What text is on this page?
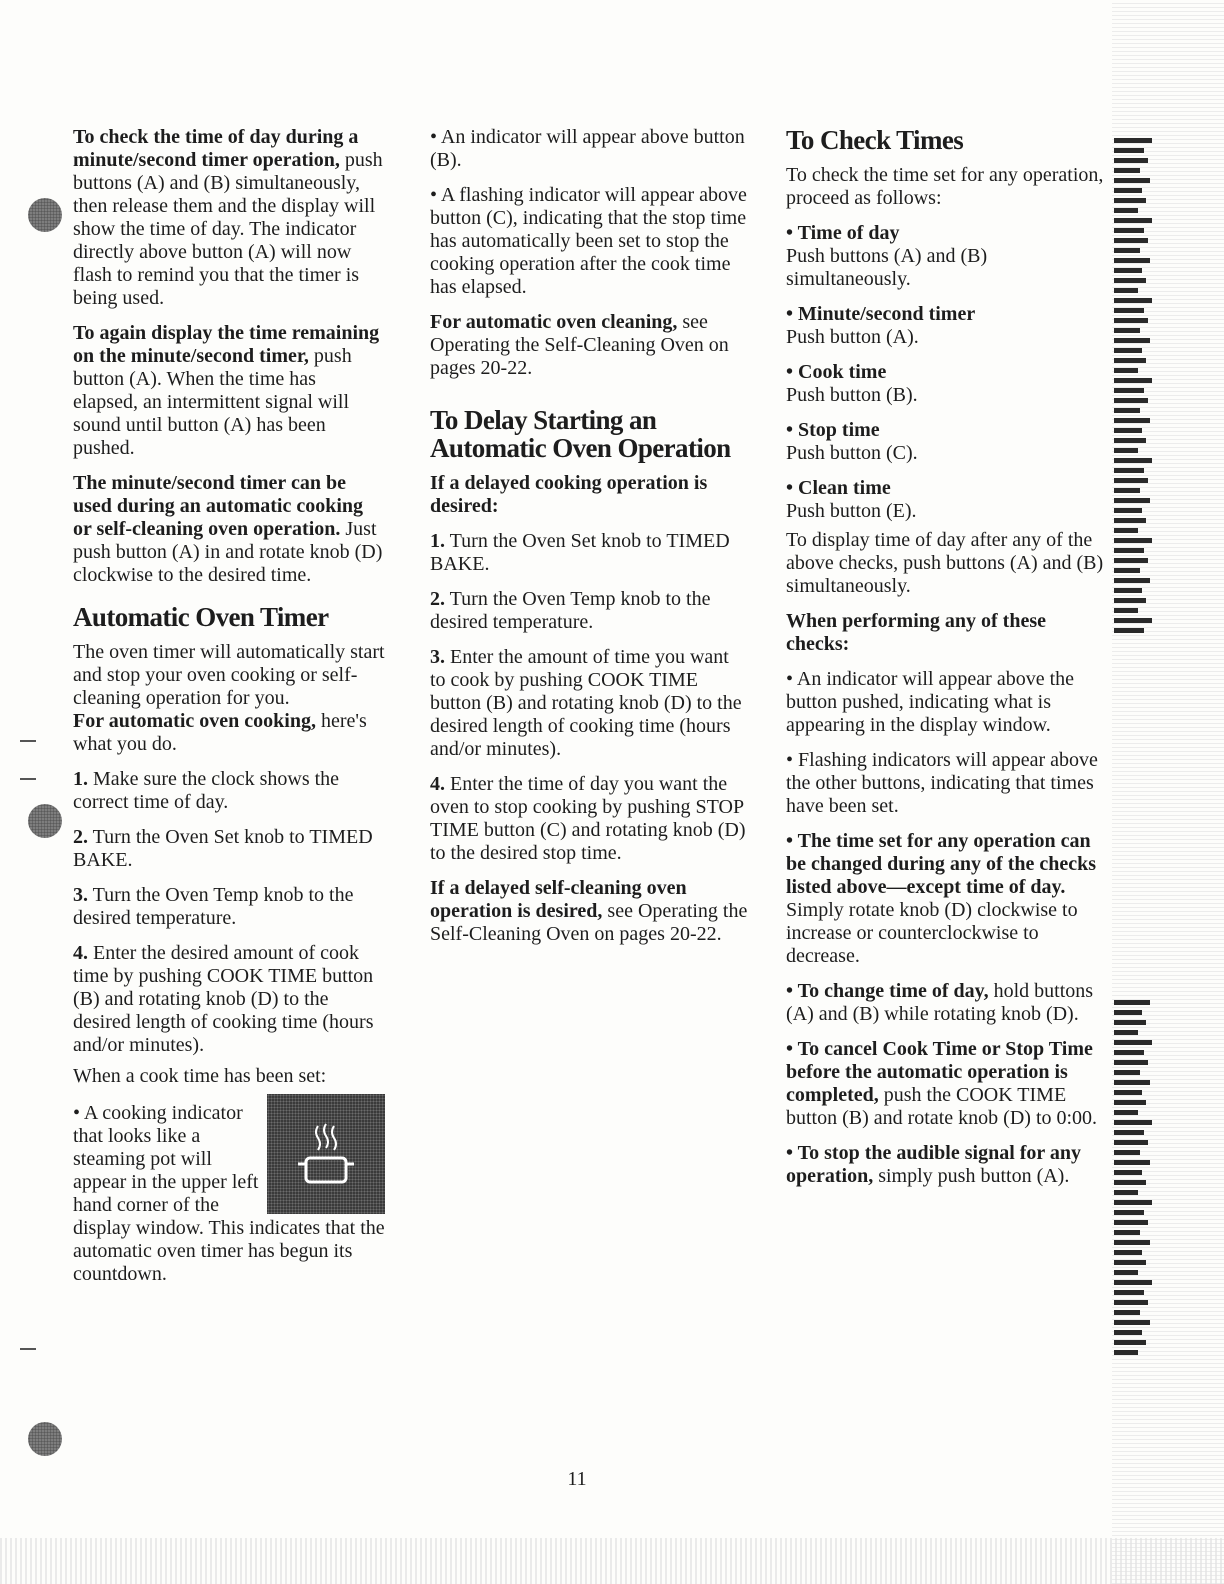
To check the time of day during a minute/second timer operation, push buttons (A) and (B) simultaneously, then release them and the display will show the time of day. The indicator directly above button (A) will now flash to remind you that the timer is being used.

To again display the time remaining on the minute/second timer, push button (A). When the time has elapsed, an intermittent signal will sound until button (A) has been pushed.

The minute/second timer can be used during an automatic cooking or self-cleaning oven operation. Just push button (A) in and rotate knob (D) clockwise to the desired time.

Automatic Oven Timer

The oven timer will automatically start and stop your oven cooking or self-cleaning operation for you.
For automatic oven cooking, here's what you do.

1. Make sure the clock shows the correct time of day.

2. Turn the Oven Set knob to TIMED BAKE.

3. Turn the Oven Temp knob to the desired temperature.

4. Enter the desired amount of cook time by pushing COOK TIME button (B) and rotating knob (D) to the desired length of cooking time (hours and/or minutes).

When a cook time has been set:

• A cooking indicator that looks like a steaming pot will appear in the upper left hand corner of the

display window. This indicates that the automatic oven timer has begun its countdown.

• An indicator will appear above button (B).

• A flashing indicator will appear above button (C), indicating that the stop time has automatically been set to stop the cooking operation after the cook time has elapsed.

For automatic oven cleaning, see Operating the Self-Cleaning Oven on pages 20-22.

To Delay Starting an Automatic Oven Operation

If a delayed cooking operation is desired:

1. Turn the Oven Set knob to TIMED BAKE.

2. Turn the Oven Temp knob to the desired temperature.

3. Enter the amount of time you want to cook by pushing COOK TIME button (B) and rotating knob (D) to the desired length of cooking time (hours and/or minutes).

4. Enter the time of day you want the oven to stop cooking by pushing STOP TIME button (C) and rotating knob (D) to the desired stop time.

If a delayed self-cleaning oven operation is desired, see Operating the Self-Cleaning Oven on pages 20-22.

To Check Times

To check the time set for any operation, proceed as follows:

• Time of day
Push buttons (A) and (B) simultaneously.

• Minute/second timer
Push button (A).

• Cook time
Push button (B).

• Stop time
Push button (C).

• Clean time
Push button (E).

To display time of day after any of the above checks, push buttons (A) and (B) simultaneously.

When performing any of these checks:

• An indicator will appear above the button pushed, indicating what is appearing in the display window.

• Flashing indicators will appear above the other buttons, indicating that times have been set.

• The time set for any operation can be changed during any of the checks listed above—except time of day. Simply rotate knob (D) clockwise to increase or counterclockwise to decrease.

• To change time of day, hold buttons (A) and (B) while rotating knob (D).

• To cancel Cook Time or Stop Time before the automatic operation is completed, push the COOK TIME button (B) and rotate knob (D) to 0:00.

• To stop the audible signal for any operation, simply push button (A).

11
